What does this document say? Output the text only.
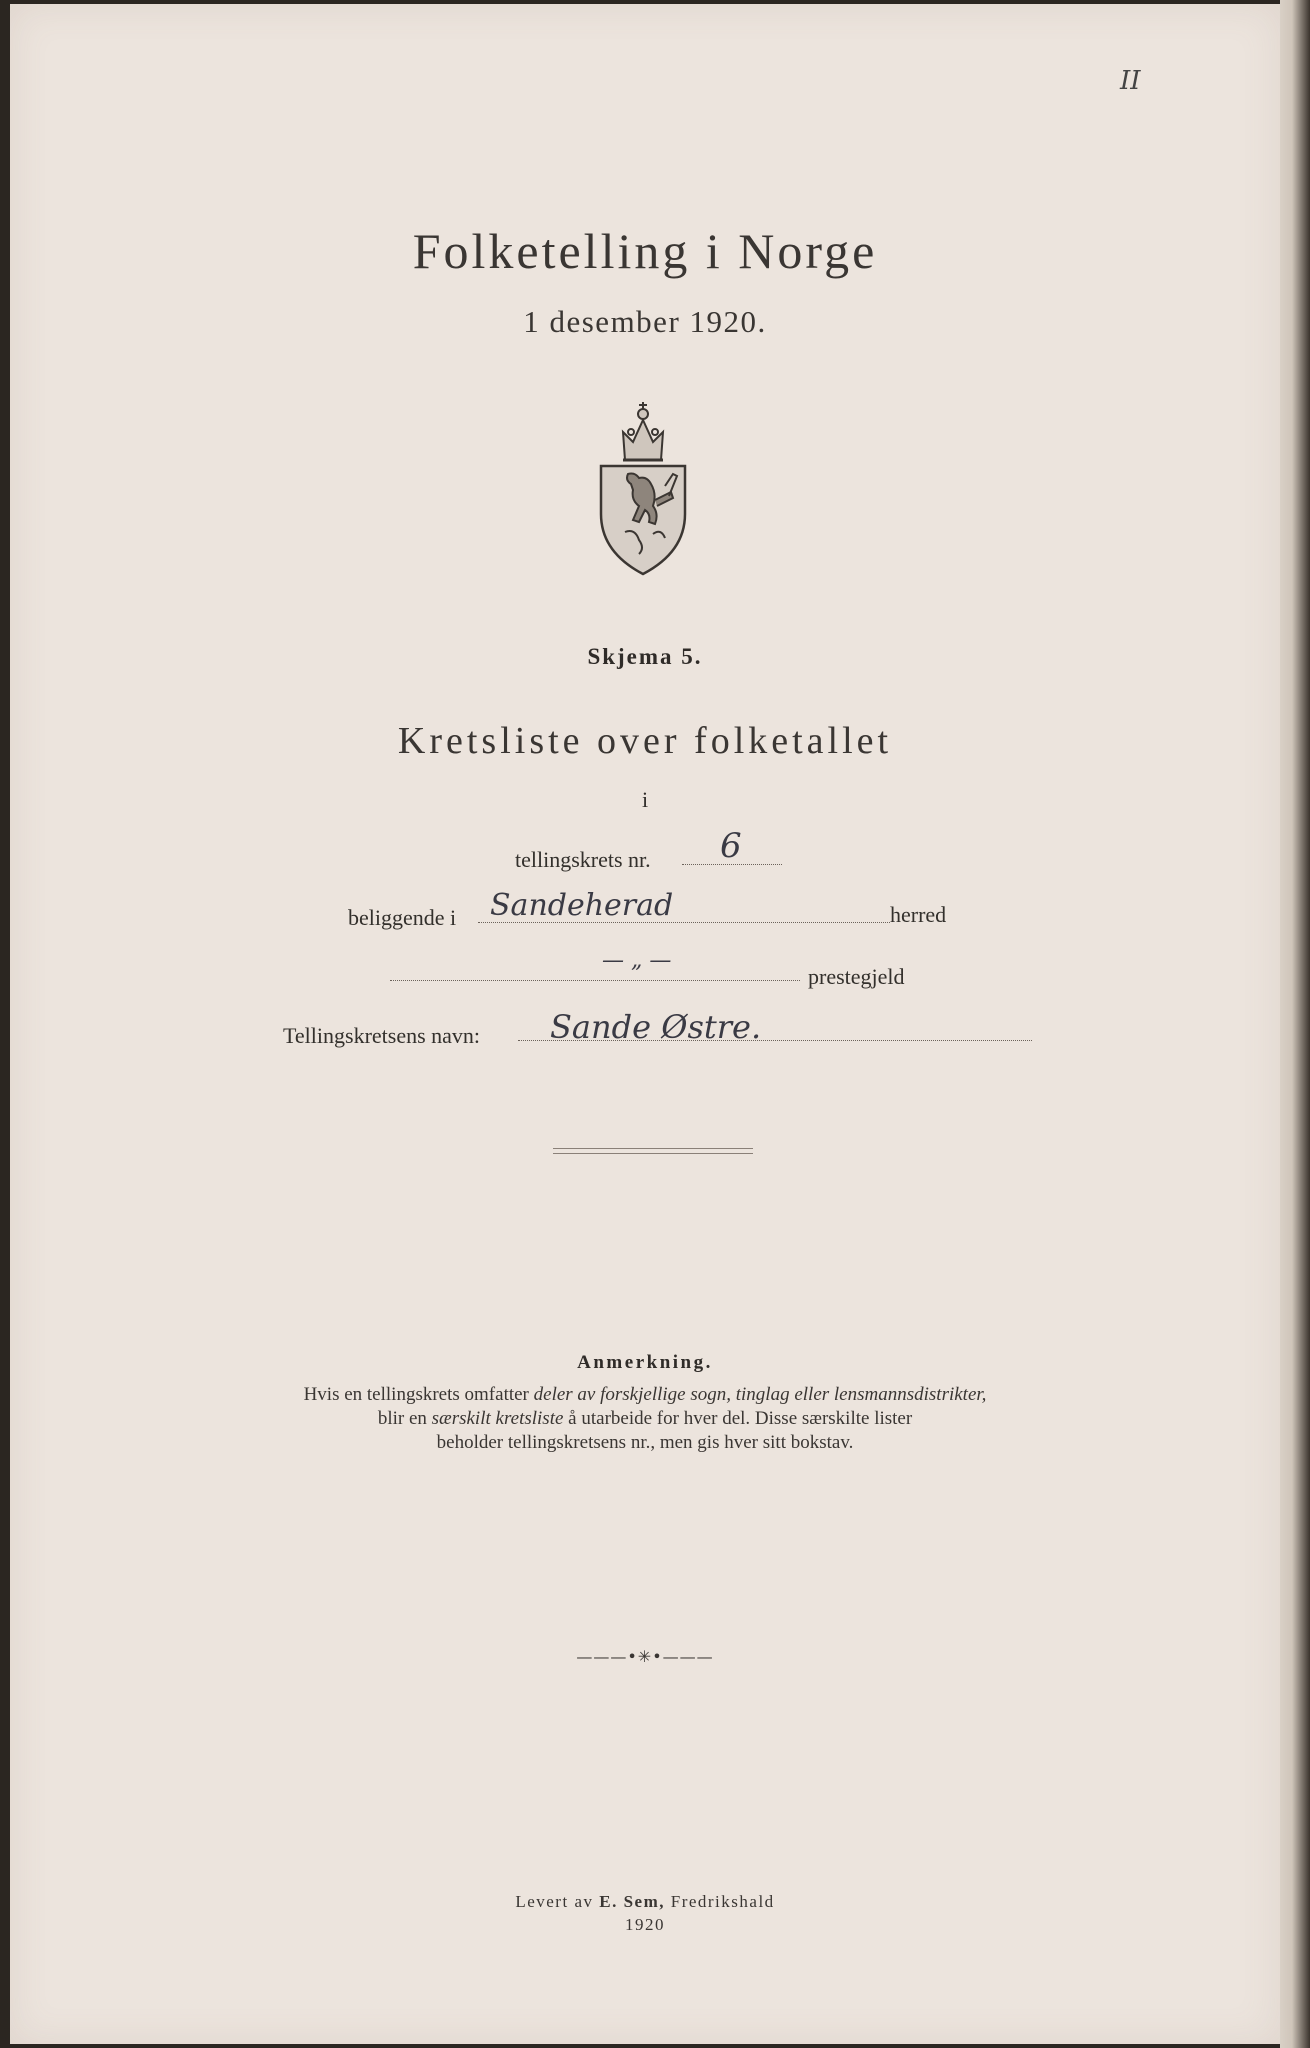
II
Folketelling i Norge
1 desember 1920.
Skjema 5.
Kretsliste over folketallet
i
tellingskrets nr. 6
beliggende i Sandeherad	herred
— „ —
prestegjeld
Tellingskretsens navn: Sande Østre.
Anmerkning.
Hvis en tellingskrets omfatter deler av forskjellige sogn, tinglag eller lensmannsdistrikter,
blir en særskilt kretsliste å utarbeide for hver del. Disse særskilte lister
beholder tellingskretsens nr., men gis hver sitt bokstav.
———•✳•———
Levert av E. Sem, Fredrikshald
1920
